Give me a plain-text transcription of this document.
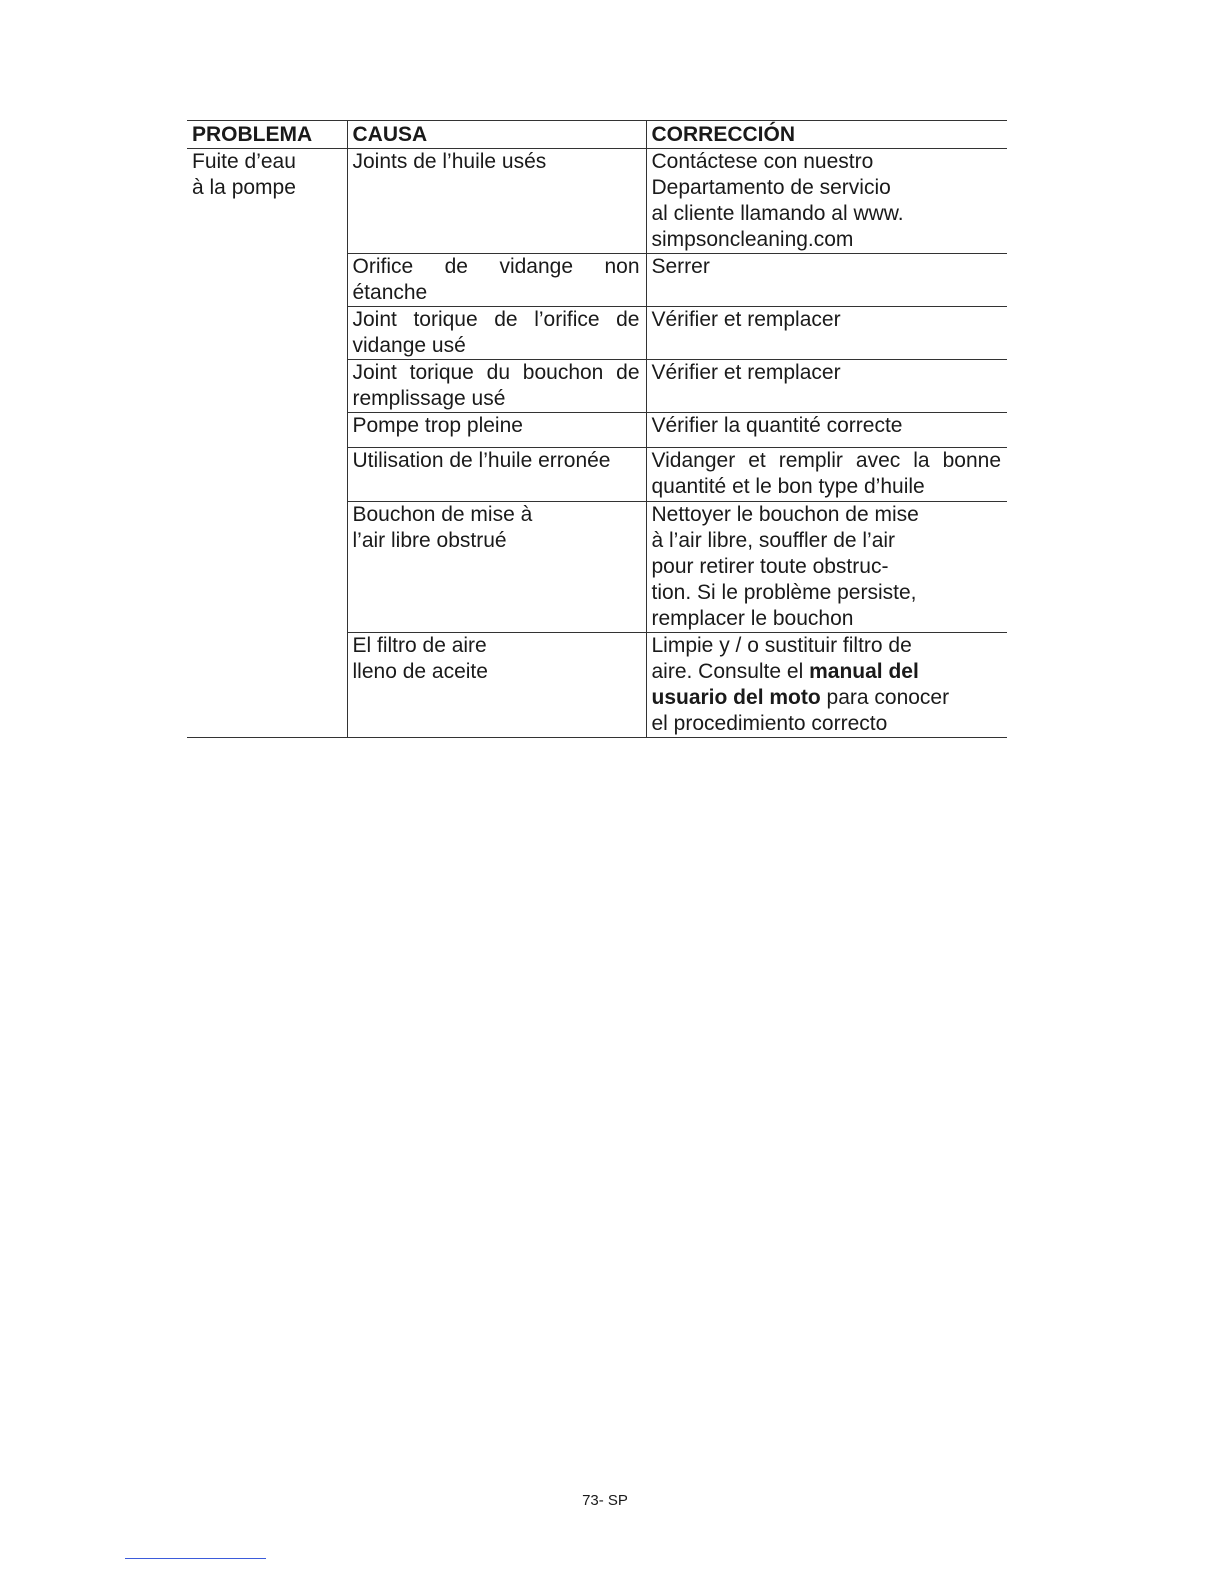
PROBLEMA	CAUSA	CORRECCIÓN

Fuite d’eau
à la pompe	Joints de l’huile usés	Contáctese con nuestro
Departamento de servicio
al cliente llamando al www.
simpsoncleaning.com

	Orifice de vidange non étanche	Serrer
	Joint torique de l’orifice de vidange usé	Vérifier et remplacer
	Joint torique du bouchon de remplissage usé	Vérifier et remplacer
	Pompe trop pleine	Vérifier la quantité correcte
	Utilisation de l’huile erronée	Vidanger et remplir avec la bonne quantité et le bon type d’huile

	Bouchon de mise à
l’air libre obstrué	Nettoyer le bouchon de mise
à l’air libre, souffler de l’air
pour retirer toute obstruc-
tion. Si le problème persiste,
remplacer le bouchon

	El filtro de aire
lleno de aceite	Limpie y / o sustituir filtro de
aire. Consulte el manual del
usuario del moto para conocer
el procedimiento correcto
73- SP
